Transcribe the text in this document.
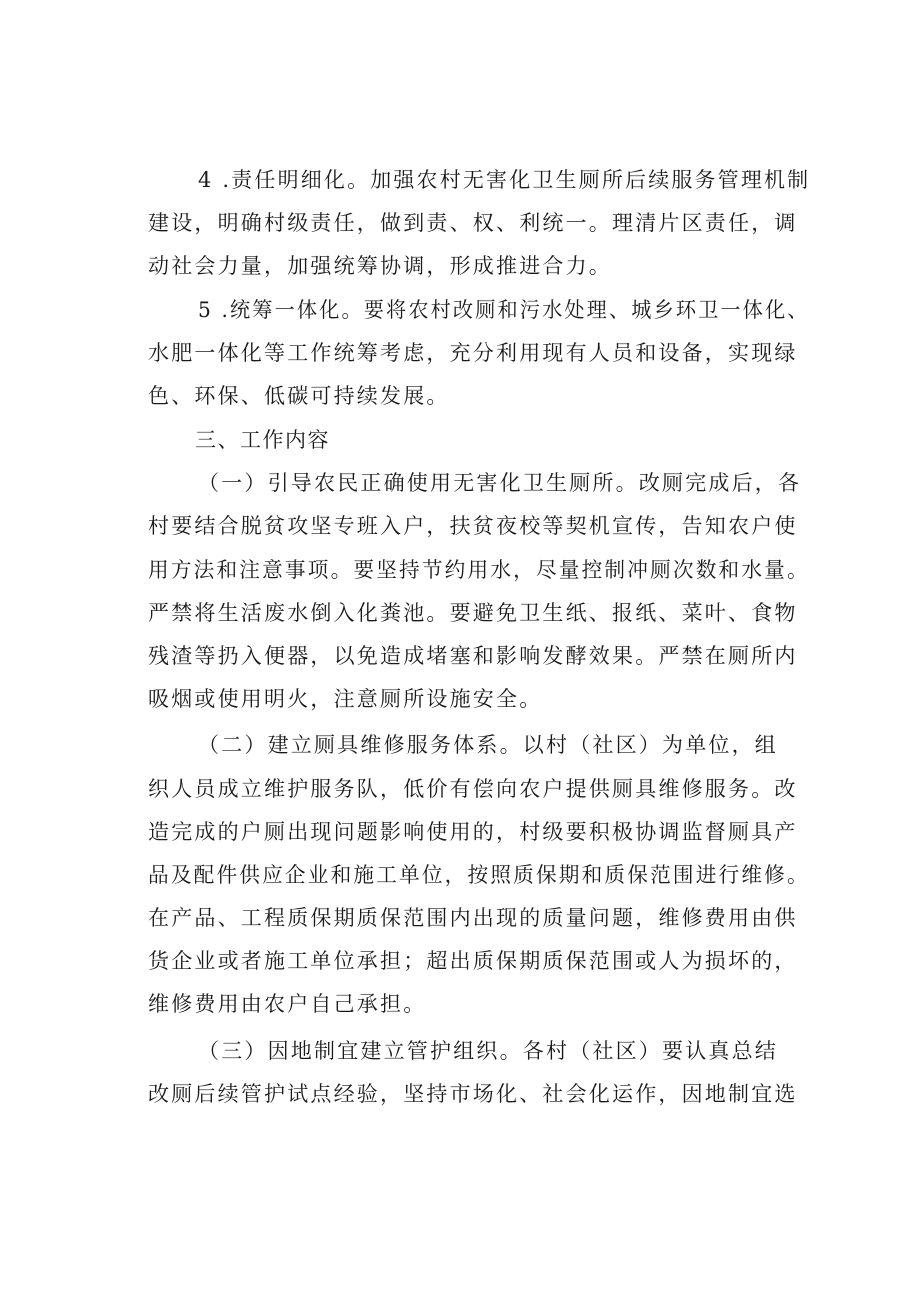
4 .责任明细化。加强农村无害化卫生厕所后续服务管理机制
建设，明确村级责任，做到责、权、利统一。理清片区责任，调
动社会力量，加强统筹协调，形成推进合力。
5 .统筹一体化。要将农村改厕和污水处理、城乡环卫一体化、
水肥一体化等工作统筹考虑，充分利用现有人员和设备，实现绿
色、环保、低碳可持续发展。
三、工作内容
（一）引导农民正确使用无害化卫生厕所。改厕完成后，各
村要结合脱贫攻坚专班入户，扶贫夜校等契机宣传，告知农户使
用方法和注意事项。要坚持节约用水，尽量控制冲厕次数和水量。
严禁将生活废水倒入化粪池。要避免卫生纸、报纸、菜叶、食物
残渣等扔入便器，以免造成堵塞和影响发酵效果。严禁在厕所内
吸烟或使用明火，注意厕所设施安全。
（二）建立厕具维修服务体系。以村（社区）为单位，组
织人员成立维护服务队，低价有偿向农户提供厕具维修服务。改
造完成的户厕出现问题影响使用的，村级要积极协调监督厕具产
品及配件供应企业和施工单位，按照质保期和质保范围进行维修。
在产品、工程质保期质保范围内出现的质量问题，维修费用由供
货企业或者施工单位承担；超出质保期质保范围或人为损坏的，
维修费用由农户自己承担。
（三）因地制宜建立管护组织。各村（社区）要认真总结
改厕后续管护试点经验，坚持市场化、社会化运作，因地制宜选
